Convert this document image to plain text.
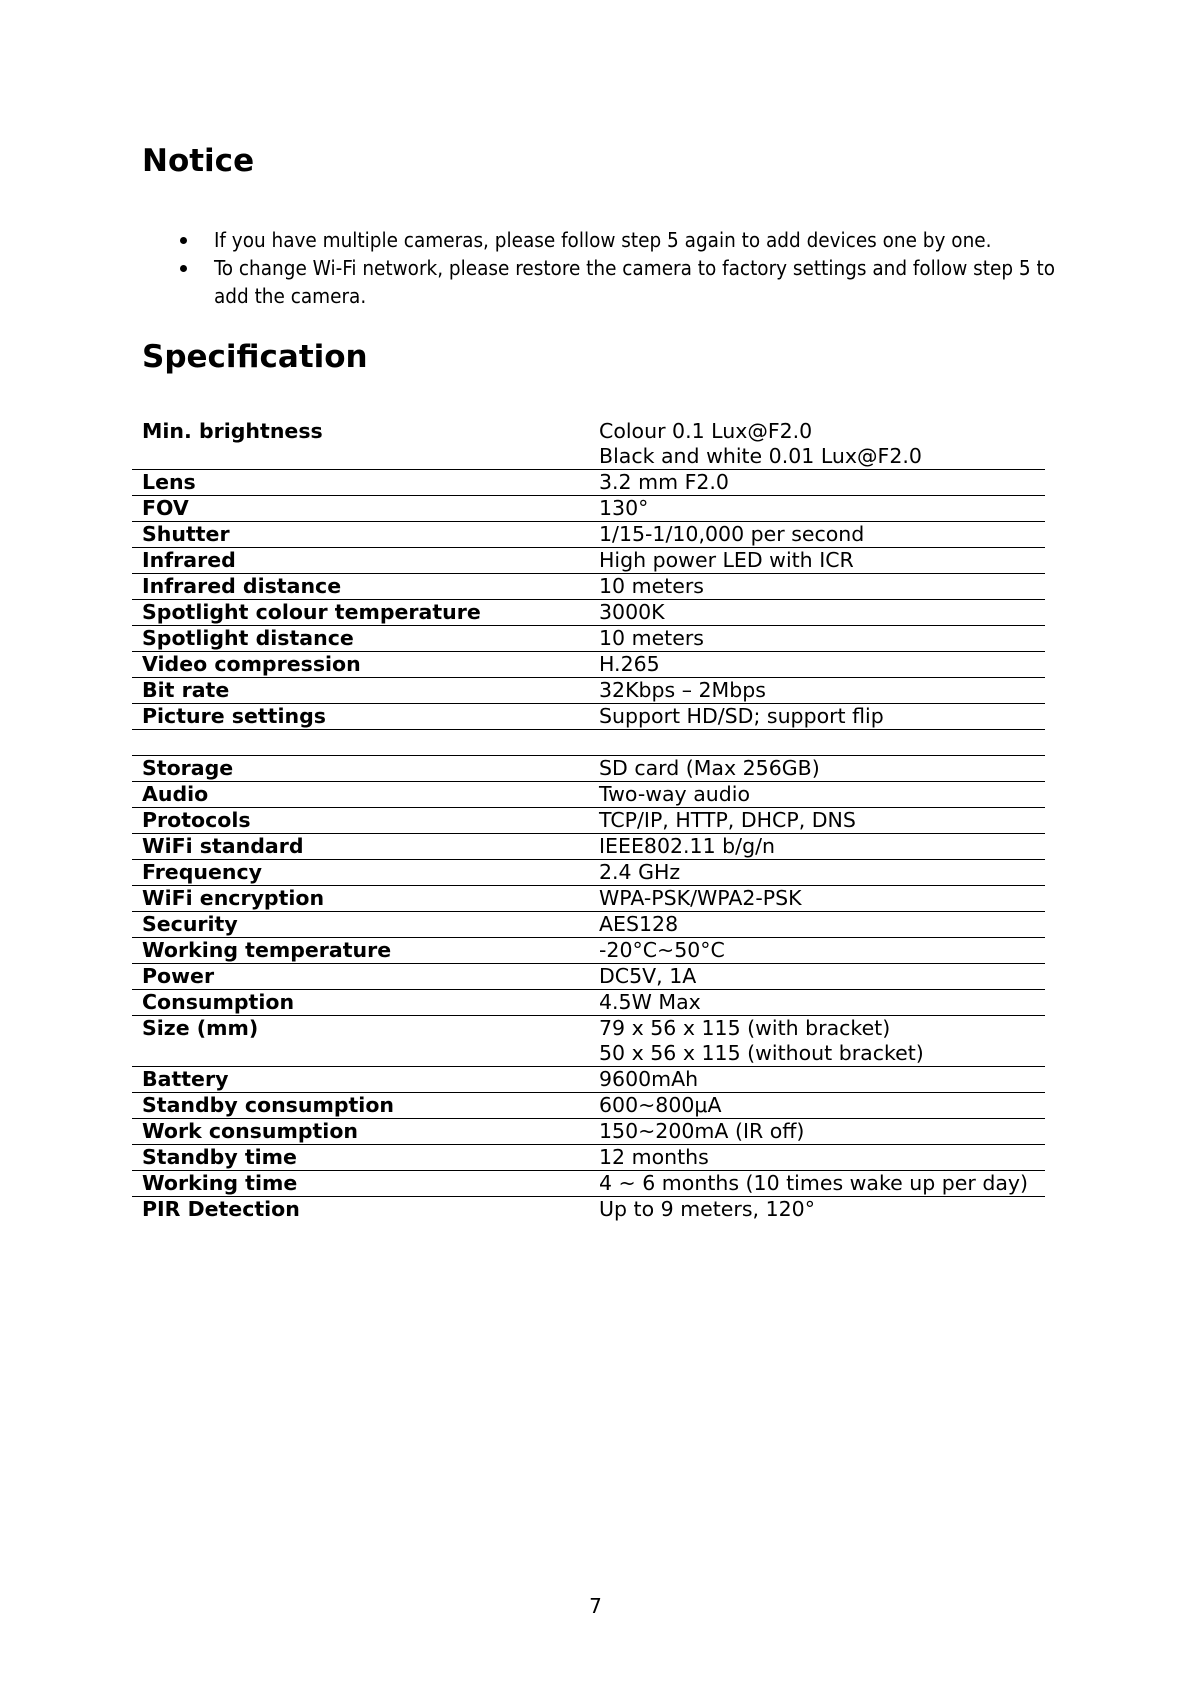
Notice
If you have multiple cameras, please follow step 5 again to add devices one by one.
To change Wi-Fi network, please restore the camera to factory settings and follow step 5 to add the camera.
Specification
Min. brightness	Colour 0.1 Lux@F2.0
Black and white 0.01 Lux@F2.0

Lens	3.2 mm F2.0

FOV	130°

Shutter	1/15-1/10,000 per second

Infrared	High power LED with ICR

Infrared distance	10 meters

Spotlight colour temperature	3000K

Spotlight distance	10 meters

Video compression	H.265

Bit rate	32Kbps – 2Mbps

Picture settings	Support HD/SD; support flip

Storage	SD card (Max 256GB)

Audio	Two-way audio

Protocols	TCP/IP, HTTP, DHCP, DNS

WiFi standard	IEEE802.11 b/g/n

Frequency	2.4 GHz

WiFi encryption	WPA-PSK/WPA2-PSK

Security	AES128

Working temperature	-20°C~50°C

Power	DC5V, 1A

Consumption	4.5W Max

Size (mm)	79 x 56 x 115 (with bracket)
50 x 56 x 115 (without bracket)

Battery	9600mAh

Standby consumption	600~800μA

Work consumption	150~200mA (IR off)

Standby time	12 months

Working time	4 ~ 6 months (10 times wake up per day)

PIR Detection	Up to 9 meters, 120°
7
